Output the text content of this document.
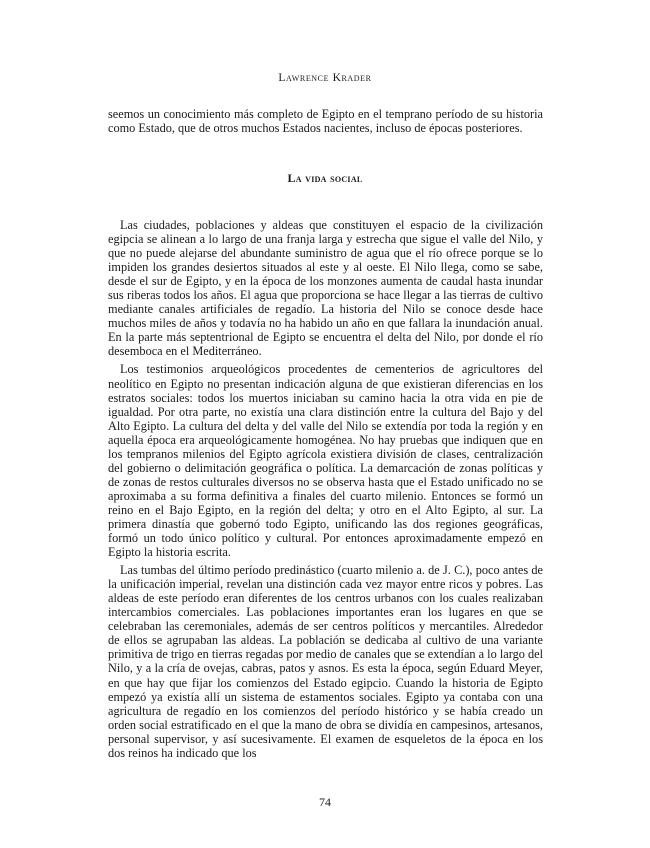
Lawrence Krader

seemos un conocimiento más completo de Egipto en el temprano período de su historia como Estado, que de otros muchos Estados nacientes, incluso de épocas posteriores.

La vida social

Las ciudades, poblaciones y aldeas que constituyen el espacio de la civilización egipcia se alinean a lo largo de una franja larga y estrecha que sigue el valle del Nilo, y que no puede alejarse del abundante suministro de agua que el río ofrece porque se lo impiden los grandes desiertos situados al este y al oeste. El Nilo llega, como se sabe, desde el sur de Egipto, y en la época de los monzones aumenta de caudal hasta inundar sus riberas todos los años. El agua que proporciona se hace llegar a las tierras de cultivo mediante canales artificiales de regadío. La historia del Nilo se conoce desde hace muchos miles de años y todavía no ha habido un año en que fallara la inundación anual. En la parte más septentrional de Egipto se encuentra el delta del Nilo, por donde el río desemboca en el Mediterráneo.

Los testimonios arqueológicos procedentes de cementerios de agricultores del neolítico en Egipto no presentan indicación alguna de que existieran diferencias en los estratos sociales: todos los muertos iniciaban su camino hacia la otra vida en pie de igualdad. Por otra parte, no existía una clara distinción entre la cultura del Bajo y del Alto Egipto. La cultura del delta y del valle del Nilo se extendía por toda la región y en aquella época era arqueológicamente homogénea. No hay pruebas que indiquen que en los tempranos milenios del Egipto agrícola existiera división de clases, centralización del gobierno o delimitación geográfica o política. La demarcación de zonas políticas y de zonas de restos culturales diversos no se observa hasta que el Estado unificado no se aproximaba a su forma definitiva a finales del cuarto milenio. Entonces se formó un reino en el Bajo Egipto, en la región del delta; y otro en el Alto Egipto, al sur. La primera dinastía que gobernó todo Egipto, unificando las dos regiones geográficas, formó un todo único político y cultural. Por entonces aproximadamente empezó en Egipto la historia escrita.

Las tumbas del último período predinástico (cuarto milenio a. de J. C.), poco antes de la unificación imperial, revelan una distinción cada vez mayor entre ricos y pobres. Las aldeas de este período eran diferentes de los centros urbanos con los cuales realizaban intercambios comerciales. Las poblaciones importantes eran los lugares en que se celebraban las ceremoniales, además de ser centros políticos y mercantiles. Alrededor de ellos se agrupaban las aldeas. La población se dedicaba al cultivo de una variante primitiva de trigo en tierras regadas por medio de canales que se extendían a lo largo del Nilo, y a la cría de ovejas, cabras, patos y asnos. Es esta la época, según Eduard Meyer, en que hay que fijar los comienzos del Estado egipcio. Cuando la historia de Egipto empezó ya existía allí un sistema de estamentos sociales. Egipto ya contaba con una agricultura de regadío en los comienzos del período histórico y se había creado un orden social estratificado en el que la mano de obra se dividía en campesinos, artesanos, personal supervisor, y así sucesivamente. El examen de esqueletos de la época en los dos reinos ha indicado que los

74
